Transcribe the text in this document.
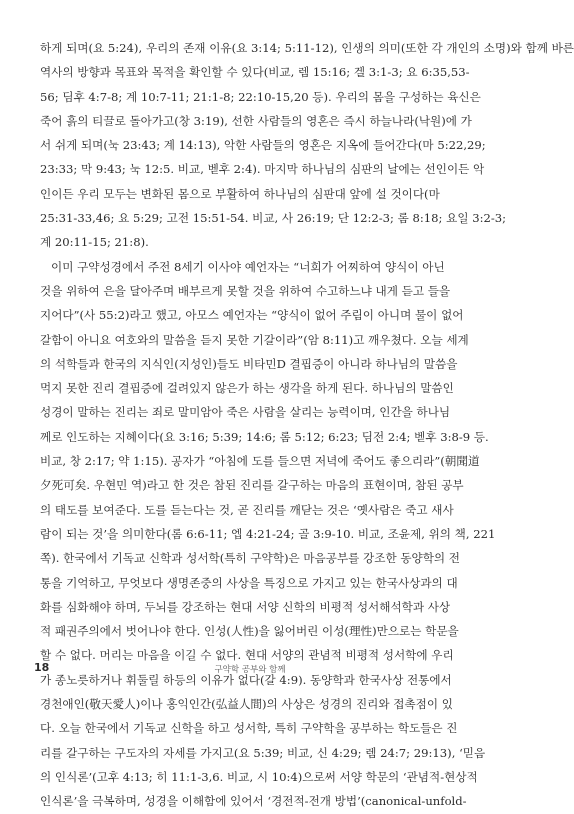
하게 되며(요 5:24), 우리의 존재 이유(요 3:14; 5:11-12), 인생의 의미(또한 각 개인의 소명)와 함께 바른
역사의 방향과 목표와 목적을 확인할 수 있다(비교, 렘 15:16; 겔 3:1-3; 요 6:35,53-
56; 딤후 4:7-8; 계 10:7-11; 21:1-8; 22:10-15,20 등). 우리의 몸을 구성하는 육신은
죽어 흙의 티끌로 돌아가고(창 3:19), 선한 사람들의 영혼은 즉시 하늘나라(낙원)에 가
서 쉬게 되며(눅 23:43; 계 14:13), 악한 사람들의 영혼은 지옥에 들어간다(마 5:22,29;
23:33; 막 9:43; 눅 12:5. 비교, 벧후 2:4). 마지막 하나님의 심판의 날에는 선인이든 악
인이든 우리 모두는 변화된 몸으로 부활하여 하나님의 심판대 앞에 설 것이다(마
25:31-33,46; 요 5:29; 고전 15:51-54. 비교, 사 26:19; 단 12:2-3; 롬 8:18; 요일 3:2-3;
계 20:11-15; 21:8).
이미 구약성경에서 주전 8세기 이사야 예언자는 “너희가 어찌하여 양식이 아닌
것을 위하여 은을 달아주며 배부르게 못할 것을 위하여 수고하느냐 내게 듣고 들을
지어다”(사 55:2)라고 했고, 아모스 예언자는 “양식이 없어 주림이 아니며 물이 없어
갈함이 아니요 여호와의 말씀을 듣지 못한 기갈이라”(암 8:11)고 깨우쳤다. 오늘 세계
의 석학들과 한국의 지식인(지성인)들도 비타민D 결핍증이 아니라 하나님의 말씀을
먹지 못한 진리 결핍증에 걸려있지 않은가 하는 생각을 하게 된다. 하나님의 말씀인
성경이 말하는 진리는 죄로 말미암아 죽은 사람을 살리는 능력이며, 인간을 하나님
께로 인도하는 지혜이다(요 3:16; 5:39; 14:6; 롬 5:12; 6:23; 딤전 2:4; 벧후 3:8-9 등.
비교, 창 2:17; 약 1:15). 공자가 “아침에 도를 들으면 저녁에 죽어도 좋으리라”(朝聞道
夕死可矣. 우현민 역)라고 한 것은 참된 진리를 갈구하는 마음의 표현이며, 참된 공부
의 태도를 보여준다. 도를 듣는다는 것, 곧 진리를 깨닫는 것은 ‘옛사람은 죽고 새사
람이 되는 것’을 의미한다(롬 6:6-11; 엡 4:21-24; 골 3:9-10. 비교, 조윤제, 위의 책, 221
쪽). 한국에서 기독교 신학과 성서학(특히 구약학)은 마음공부를 강조한 동양학의 전
통을 기억하고, 무엇보다 생명존중의 사상을 특징으로 가지고 있는 한국사상과의 대
화를 심화해야 하며, 두뇌를 강조하는 현대 서양 신학의 비평적 성서해석학과 사상
적 패권주의에서 벗어나야 한다. 인성(人性)을 잃어버린 이성(理性)만으로는 학문을
할 수 없다. 머리는 마음을 이길 수 없다. 현대 서양의 관념적 비평적 성서학에 우리
가 종노릇하거나 휘둘릴 하등의 이유가 없다(갈 4:9). 동양학과 한국사상 전통에서
경천애인(敬天愛人)이나 홍익인간(弘益人間)의 사상은 성경의 진리와 접촉점이 있
다. 오늘 한국에서 기독교 신학을 하고 성서학, 특히 구약학을 공부하는 학도들은 진
리를 갈구하는 구도자의 자세를 가지고(요 5:39; 비교, 신 4:29; 렘 24:7; 29:13), ‘믿음
의 인식론’(고후 4:13; 히 11:1-3,6. 비교, 시 10:4)으로써 서양 학문의 ‘관념적-현상적
인식론’을 극복하며, 성경을 이해함에 있어서 ‘경전적-전개 방법’(canonical-unfold-
18	구약학 공부와 함께
